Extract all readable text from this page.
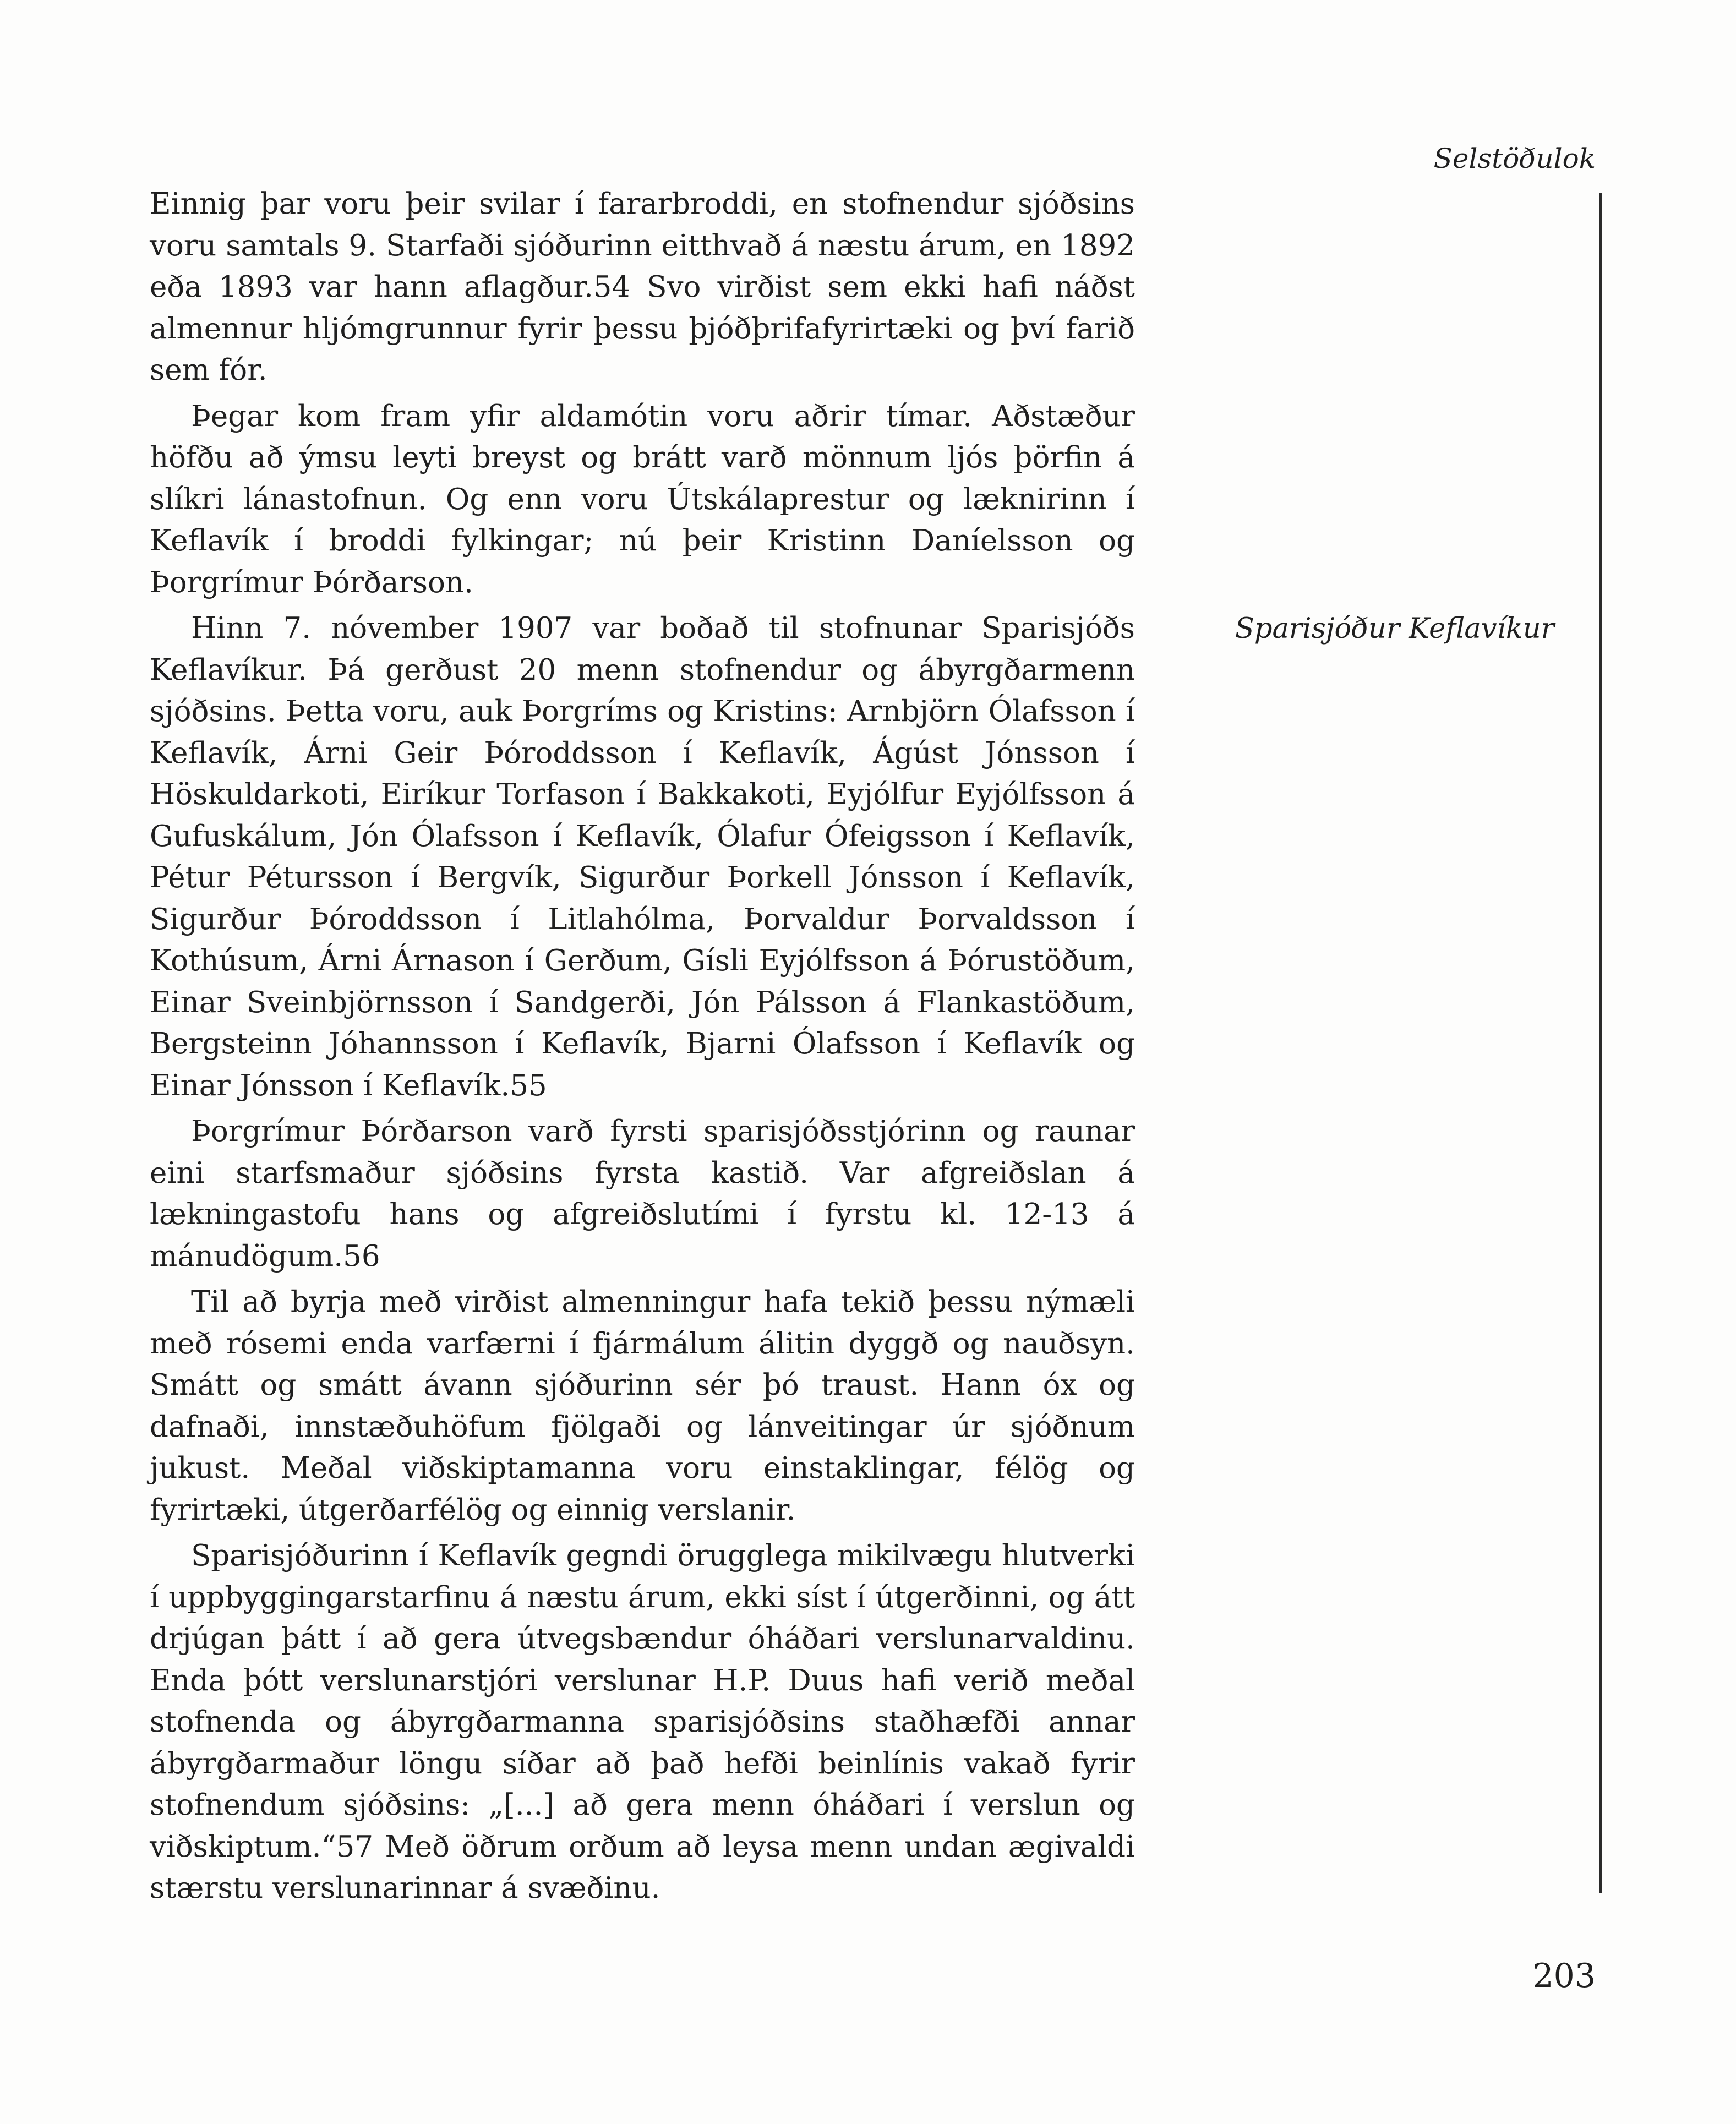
Selstöðulok
Sparisjóður Keflavíkur

Einnig þar voru þeir svilar í fararbroddi, en stofnendur sjóðsins voru samtals 9. Starfaði sjóðurinn eitthvað á næstu árum, en 1892 eða 1893 var hann aflagður.54 Svo virðist sem ekki hafi náðst almennur hljómgrunnur fyrir þessu þjóðþrifafyrirtæki og því farið sem fór.

Þegar kom fram yfir aldamótin voru aðrir tímar. Aðstæður höfðu að ýmsu leyti breyst og brátt varð mönnum ljós þörfin á slíkri lánastofnun. Og enn voru Útskálaprestur og læknirinn í Keflavík í broddi fylkingar; nú þeir Kristinn Daníelsson og Þorgrímur Þórðarson.

Hinn 7. nóvember 1907 var boðað til stofnunar Sparisjóðs Keflavíkur. Þá gerðust 20 menn stofnendur og ábyrgðarmenn sjóðsins. Þetta voru, auk Þorgríms og Kristins: Arnbjörn Ólafsson í Keflavík, Árni Geir Þóroddsson í Keflavík, Ágúst Jónsson í Höskuldarkoti, Eiríkur Torfason í Bakkakoti, Eyjólfur Eyjólfsson á Gufuskálum, Jón Ólafsson í Keflavík, Ólafur Ófeigsson í Keflavík, Pétur Pétursson í Bergvík, Sigurður Þorkell Jónsson í Keflavík, Sigurður Þóroddsson í Litlahólma, Þorvaldur Þorvaldsson í Kothúsum, Árni Árnason í Gerðum, Gísli Eyjólfsson á Þórustöðum, Einar Sveinbjörnsson í Sandgerði, Jón Pálsson á Flankastöðum, Bergsteinn Jóhannsson í Keflavík, Bjarni Ólafsson í Keflavík og Einar Jónsson í Keflavík.55

Þorgrímur Þórðarson varð fyrsti sparisjóðsstjórinn og raunar eini starfsmaður sjóðsins fyrsta kastið. Var afgreiðslan á lækningastofu hans og afgreiðslutími í fyrstu kl. 12-13 á mánudögum.56

Til að byrja með virðist almenningur hafa tekið þessu nýmæli með rósemi enda varfærni í fjármálum álitin dyggð og nauðsyn. Smátt og smátt ávann sjóðurinn sér þó traust. Hann óx og dafnaði, innstæðuhöfum fjölgaði og lánveitingar úr sjóðnum jukust. Meðal viðskiptamanna voru einstaklingar, félög og fyrirtæki, útgerðarfélög og einnig verslanir.

Sparisjóðurinn í Keflavík gegndi örugglega mikilvægu hlutverki í uppbyggingarstarfinu á næstu árum, ekki síst í útgerðinni, og átt drjúgan þátt í að gera útvegsbændur óháðari verslunarvaldinu. Enda þótt verslunarstjóri verslunar H.P. Duus hafi verið meðal stofnenda og ábyrgðarmanna sparisjóðsins staðhæfði annar ábyrgðarmaður löngu síðar að það hefði beinlínis vakað fyrir stofnendum sjóðsins: „[...] að gera menn óháðari í verslun og viðskiptum.“57 Með öðrum orðum að leysa menn undan ægivaldi stærstu verslunarinnar á svæðinu.

203
